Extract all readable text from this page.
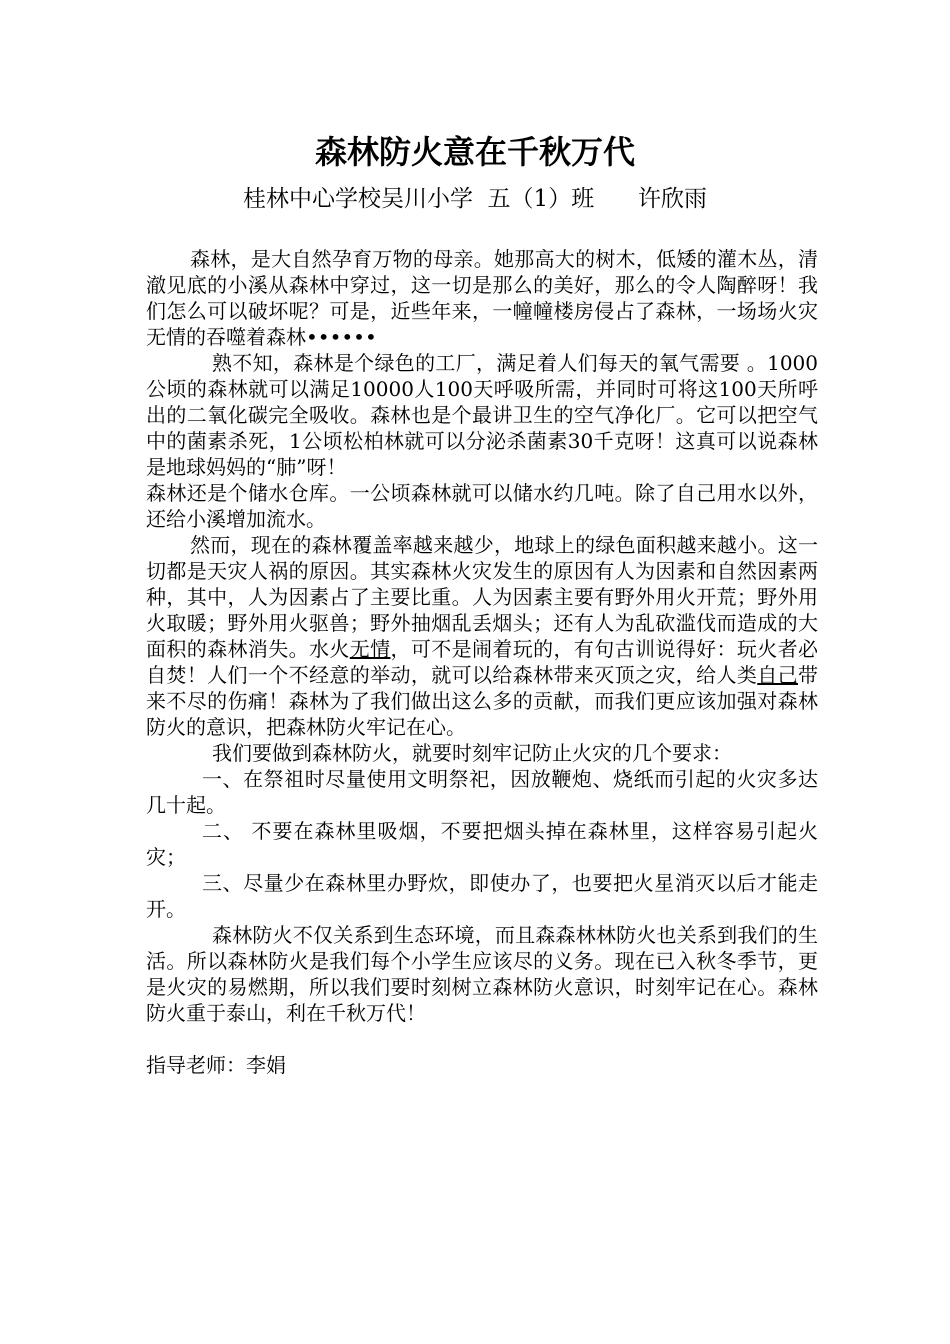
森林防火意在千秋万代
桂林中心学校吴川小学  五（1）班      许欣雨

森林，是大自然孕育万物的母亲。她那高大的树木，低矮的灌木丛，清澈见底的小溪从森林中穿过，这一切是那么的美好，那么的令人陶醉呀！我们怎么可以破坏呢？可是，近些年来，一幢幢楼房侵占了森林，一场场火灾无情的吞噬着森林••••••

熟不知，森林是个绿色的工厂，满足着人们每天的氧气需要 。1000公顷的森林就可以满足10000人100天呼吸所需，并同时可将这100天所呼出的二氧化碳完全吸收。森林也是个最讲卫生的空气净化厂。它可以把空气中的菌素杀死，1公顷松柏林就可以分泌杀菌素30千克呀！这真可以说森林是地球妈妈的“肺”呀！

森林还是个储水仓库。一公顷森林就可以储水约几吨。除了自己用水以外，还给小溪增加流水。

然而，现在的森林覆盖率越来越少，地球上的绿色面积越来越小。这一切都是天灾人祸的原因。其实森林火灾发生的原因有人为因素和自然因素两种，其中，人为因素占了主要比重。人为因素主要有野外用火开荒；野外用火取暖；野外用火驱兽；野外抽烟乱丢烟头；还有人为乱砍滥伐而造成的大面积的森林消失。水火无情，可不是闹着玩的，有句古训说得好：玩火者必自焚！人们一个不经意的举动，就可以给森林带来灭顶之灾，给人类自己带来不尽的伤痛！森林为了我们做出这么多的贡献，而我们更应该加强对森林防火的意识，把森林防火牢记在心。

我们要做到森林防火，就要时刻牢记防止火灾的几个要求：

一、在祭祖时尽量使用文明祭祀，因放鞭炮、烧纸而引起的火灾多达几十起。

二、 不要在森林里吸烟，不要把烟头掉在森林里，这样容易引起火灾；

三、尽量少在森林里办野炊，即使办了，也要把火星消灭以后才能走开。

森林防火不仅关系到生态环境，而且森森林林防火也关系到我们的生活。所以森林防火是我们每个小学生应该尽的义务。现在已入秋冬季节，更是火灾的易燃期，所以我们要时刻树立森林防火意识，时刻牢记在心。森林防火重于泰山，利在千秋万代！

指导老师：李娟
